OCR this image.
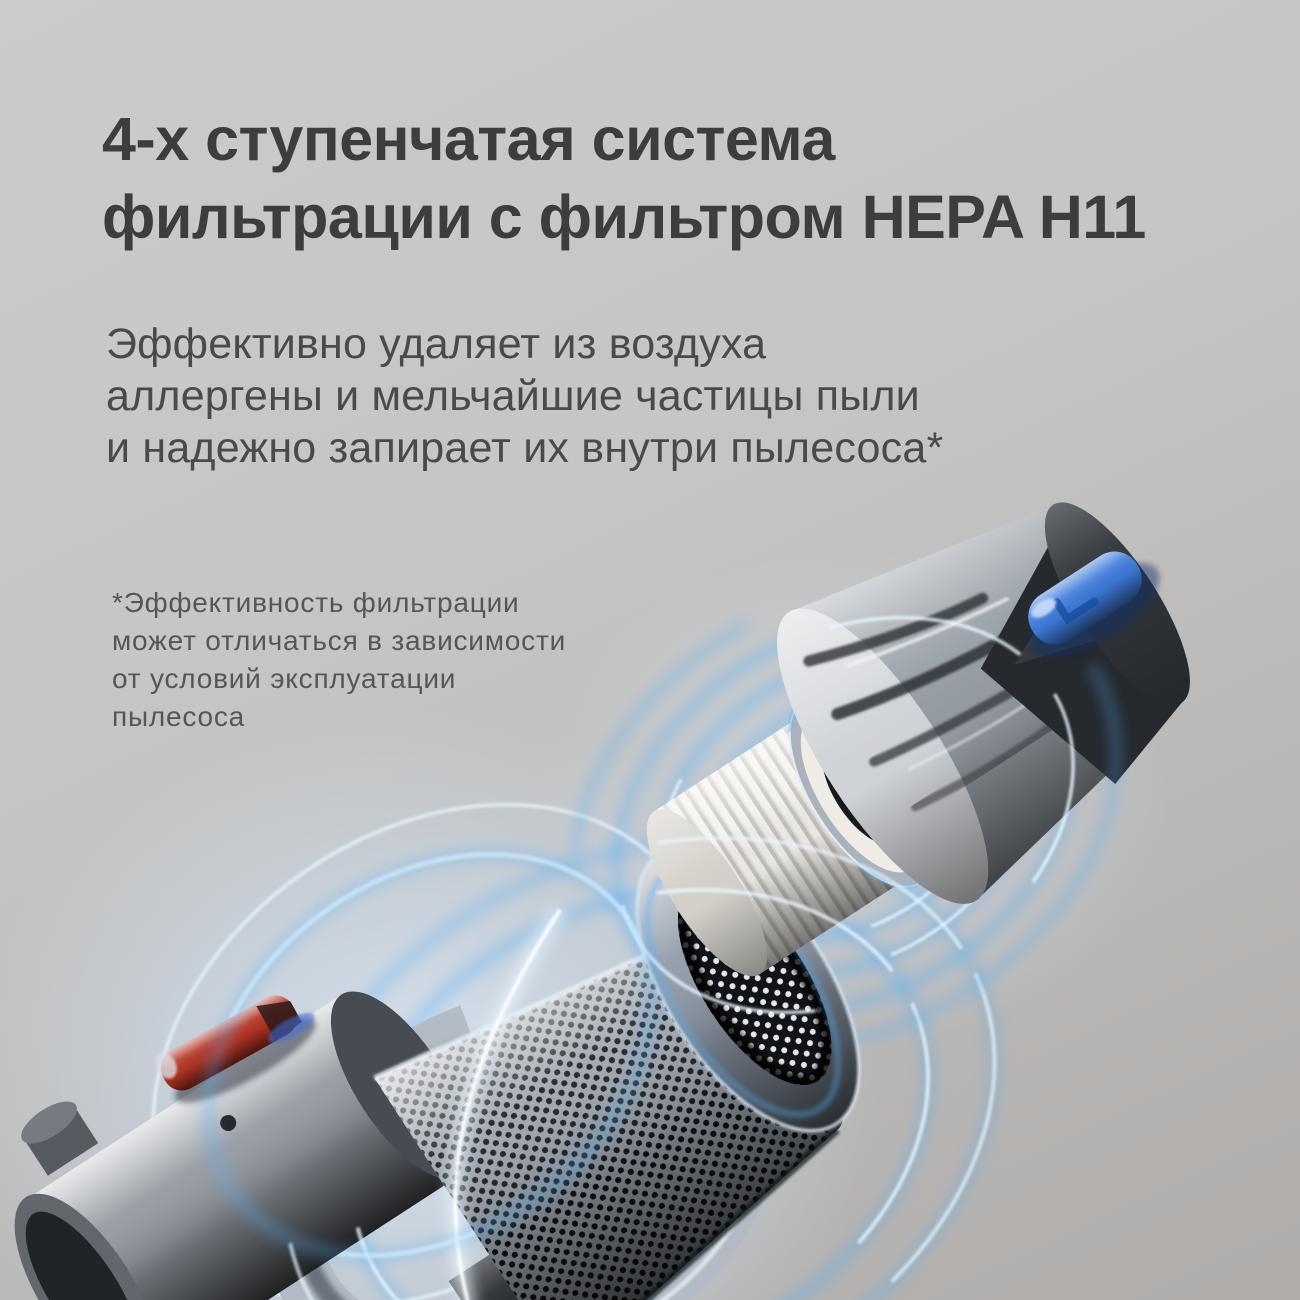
4-х ступенчатая система
фильтрации с фильтром HEPA H11

Эффективно удаляет из воздуха
аллергены и мельчайшие частицы пыли
и надежно запирает их внутри пылесоса*

*Эффективность фильтрации
может отличаться в зависимости
от условий эксплуатации
пылесоса
